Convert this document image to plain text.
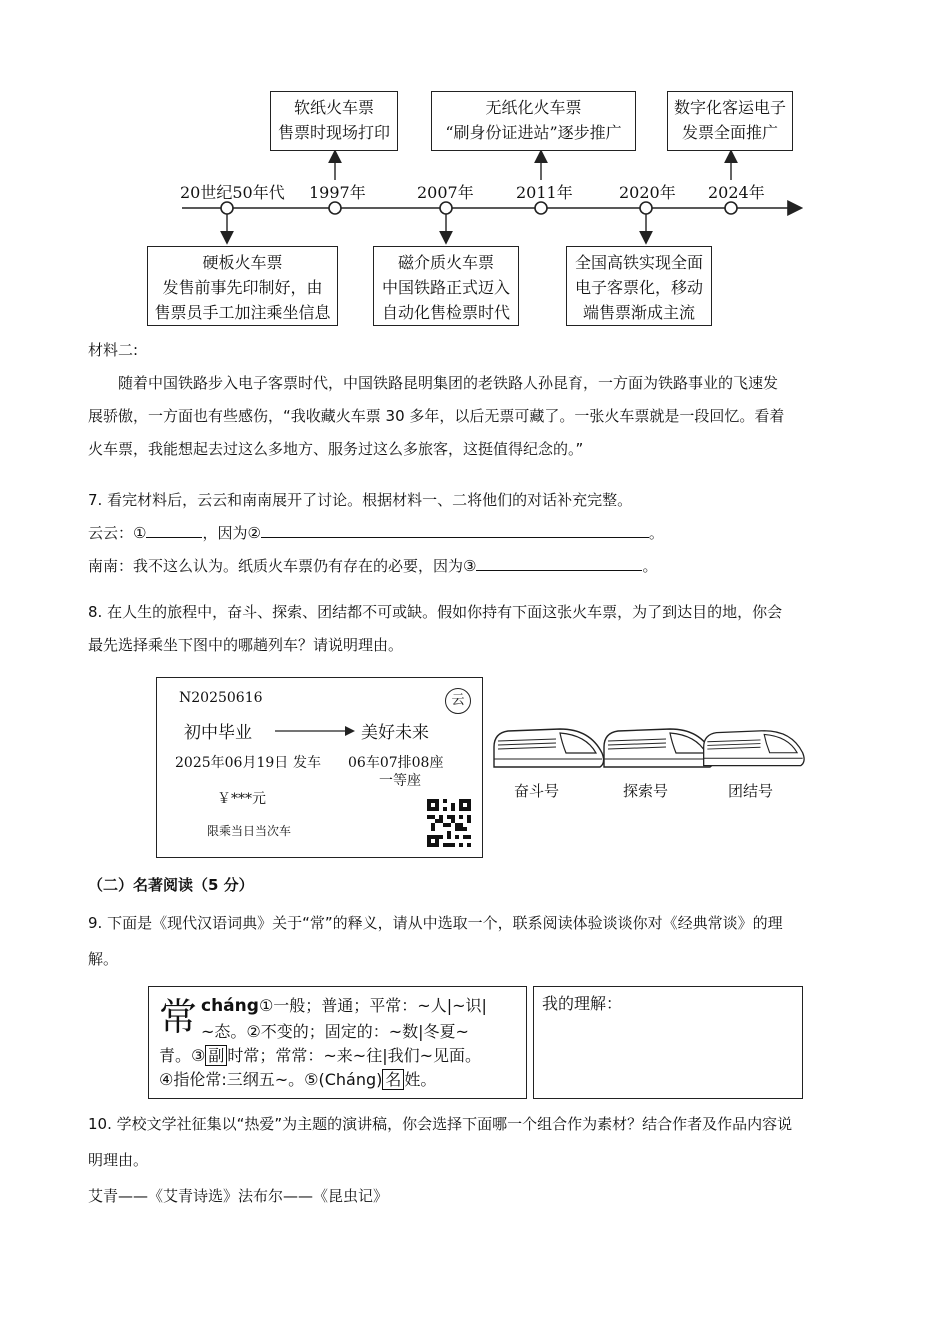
20世纪50年代 1997年	2007年	2011年	2020年 2024年
软纸火车票
售票时现场打印
无纸化火车票
“刷身份证进站”逐步推广
数字化客运电子
发票全面推广
硬板火车票
发售前事先印制好，由
售票员手工加注乘坐信息
磁介质火车票
中国铁路正式迈入
自动化售检票时代
全国高铁实现全面
电子客票化，移动
端售票渐成主流

材料二:

随着中国铁路步入电子客票时代，中国铁路昆明集团的老铁路人孙昆育，一方面为铁路事业的飞速发

展骄傲，一方面也有些感伤，“我收藏火车票 30 多年，以后无票可藏了。一张火车票就是一段回忆。看着

火车票，我能想起去过这么多地方、服务过这么多旅客，这挺值得纪念的。”

7. 看完材料后，云云和南南展开了讨论。根据材料一、二将他们的对话补充完整。

云云：①	，因为②	。

南南：我不这么认为。纸质火车票仍有存在的必要，因为③	。

8. 在人生的旅程中，奋斗、探索、团结都不可或缺。假如你持有下面这张火车票，为了到达目的地，你会

最先选择乘坐下图中的哪趟列车？请说明理由。

N20250616	云
初中毕业	美好未来
2025年06月19日 发车 06车07排08座
一等座
￥***元
限乘当日当次车
奋斗号	探索号	团结号
（二）名著阅读（5 分）

9. 下面是《现代汉语词典》关于“常”的释义，请从中选取一个，联系阅读体验谈谈你对《经典常谈》的理

解。

常 cháng①一般；普通；平常：~人|~识|
~态。②不变的；固定的：~数|冬夏~
青。③ 副 时常；常常：~来~往|我们~见面。
④指伦常:三纲五~。⑤(Cháng) 名 姓。
我的理解：

10. 学校文学社征集以“热爱”为主题的演讲稿，你会选择下面哪一个组合作为素材？结合作者及作品内容说

明理由。

艾青——《艾青诗选》法布尔——《昆虫记》
